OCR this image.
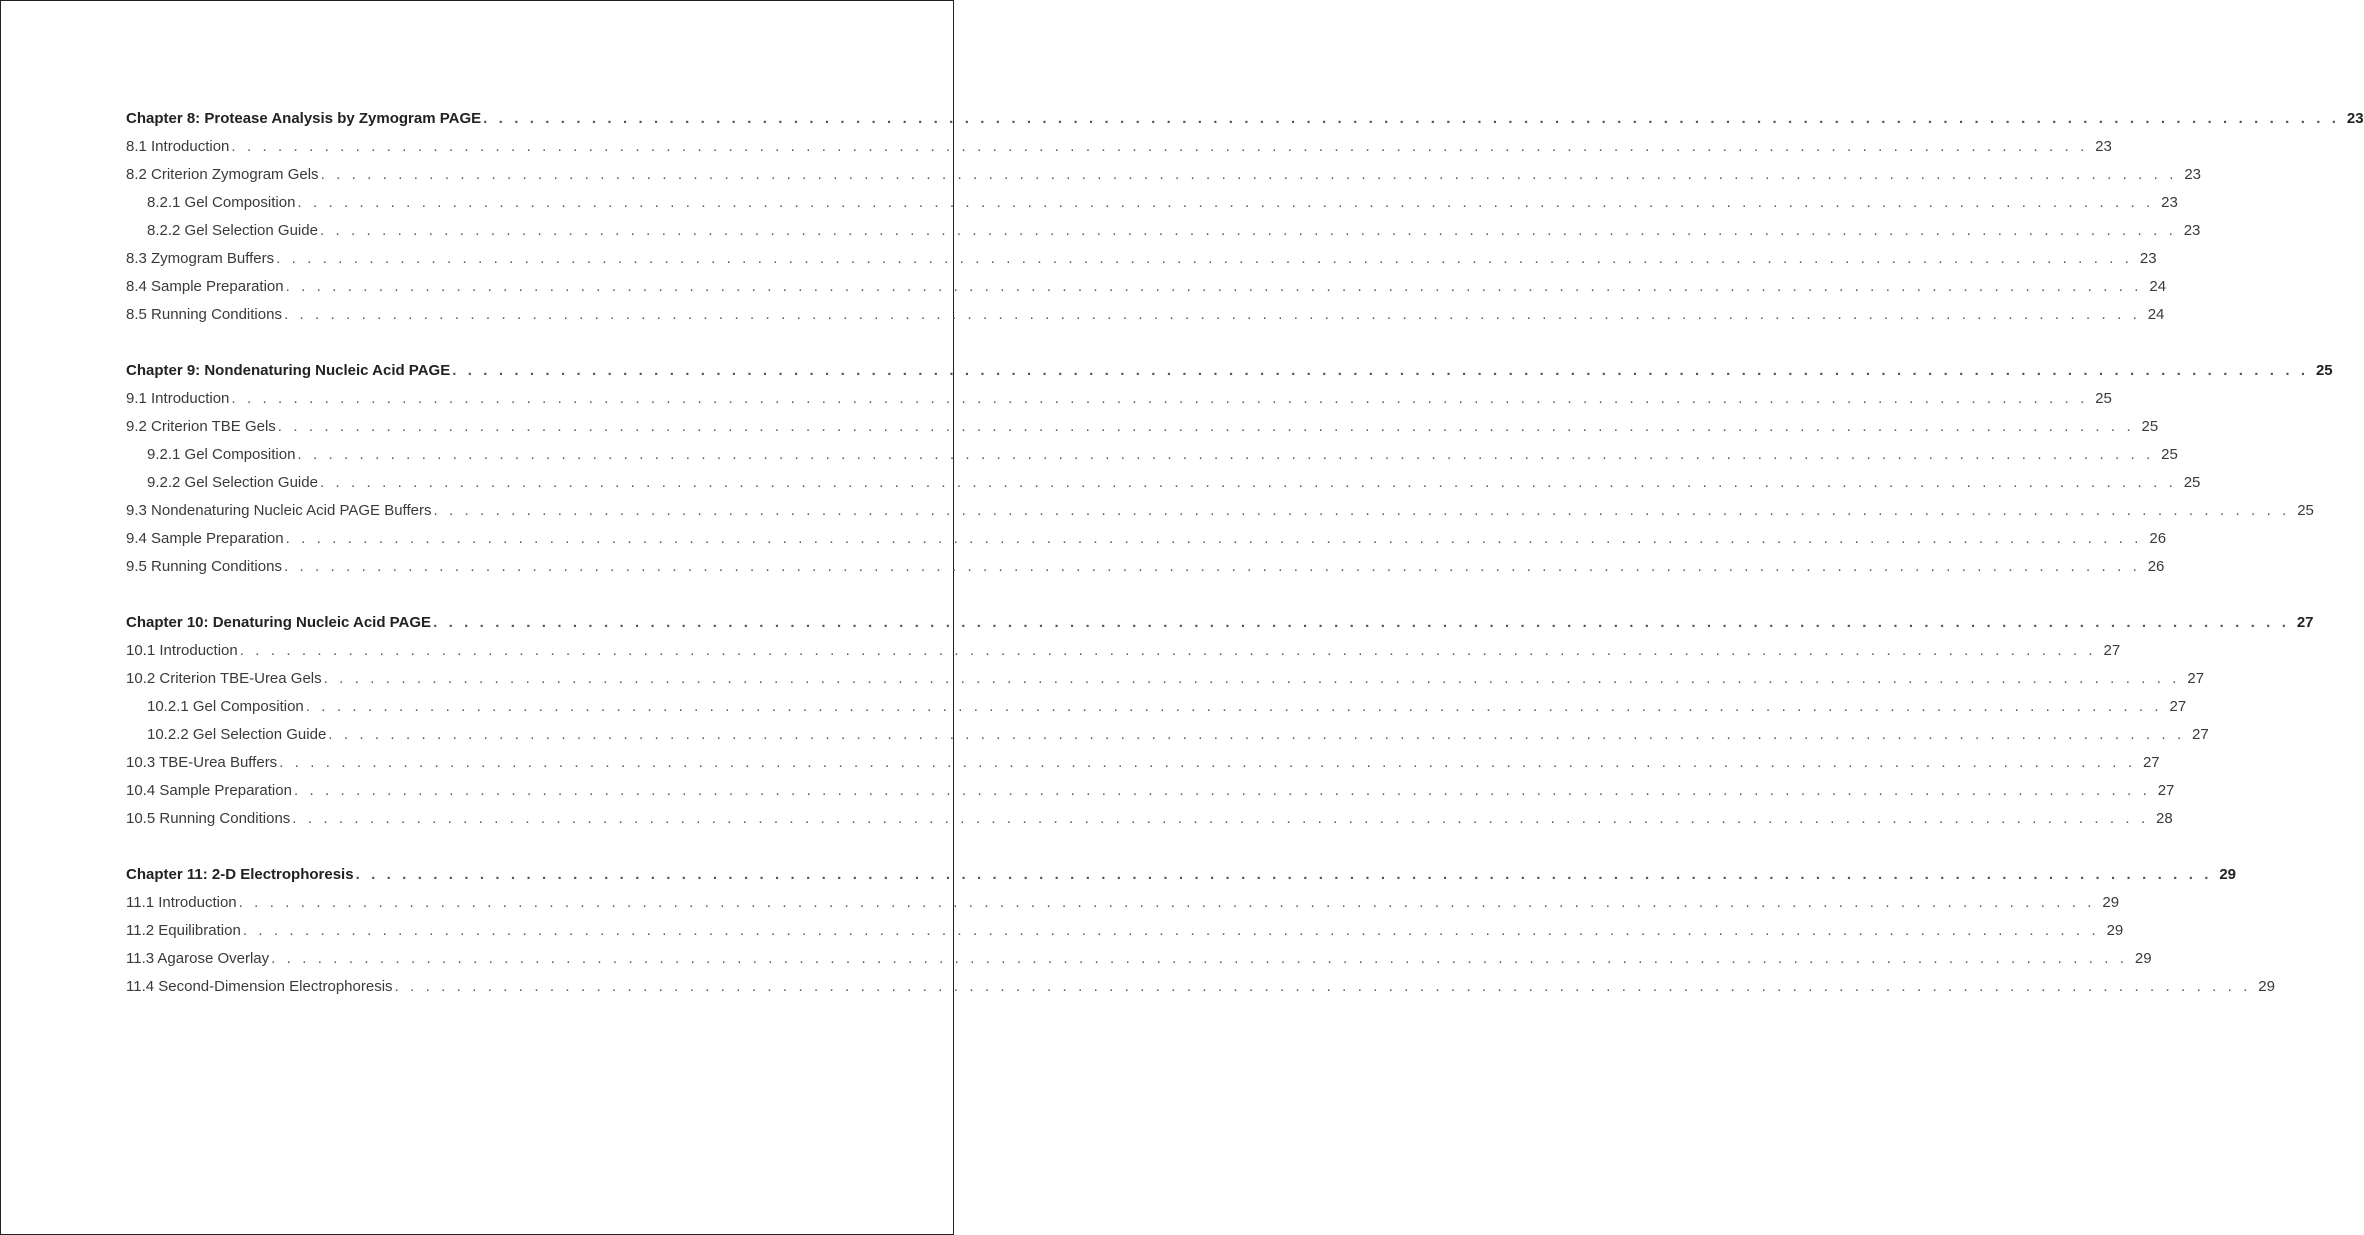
Chapter 8: Protease Analysis by Zymogram PAGE . . . . . . . . . . . . . . . . . . . . . . . . . . . . . . . . . . . . . . . . . . . . . . . . . . . . . . . . . . . . . . . . . . . . . . . . . . . . . . . . . . . . . . . . . . . . . . . . . . . . . . . . . . . . . . . . . . . . . . . . 23
8.1 Introduction . . . . . . . . . . . . . . . . . . . . . . . . . . . . . . . . . . . . . . . . . . . . . . . . . . . . . . . . . . . . . . . . . . . . . . . . . . . . . . . . . . . . . . . . . . . . . . . . . . . . . . . . . . . . . . . . . . . . . . . . 23
8.2 Criterion Zymogram Gels . . . . . . . . . . . . . . . . . . . . . . . . . . . . . . . . . . . . . . . . . . . . . . . . . . . . . . . . . . . . . . . . . . . . . . . . . . . . . . . . . . . . . . . . . . . . . . . . . . . . . . . . . . . . . . . . . . . . . . . . 23
8.2.1 Gel Composition . . . . . . . . . . . . . . . . . . . . . . . . . . . . . . . . . . . . . . . . . . . . . . . . . . . . . . . . . . . . . . . . . . . . . . . . . . . . . . . . . . . . . . . . . . . . . . . . . . . . . . . . . . . . . . . . . . . . . . . . 23
8.2.2 Gel Selection Guide . . . . . . . . . . . . . . . . . . . . . . . . . . . . . . . . . . . . . . . . . . . . . . . . . . . . . . . . . . . . . . . . . . . . . . . . . . . . . . . . . . . . . . . . . . . . . . . . . . . . . . . . . . . . . . . . . . . . . . . . 23
8.3 Zymogram Buffers . . . . . . . . . . . . . . . . . . . . . . . . . . . . . . . . . . . . . . . . . . . . . . . . . . . . . . . . . . . . . . . . . . . . . . . . . . . . . . . . . . . . . . . . . . . . . . . . . . . . . . . . . . . . . . . . . . . . . . . . 23
8.4 Sample Preparation . . . . . . . . . . . . . . . . . . . . . . . . . . . . . . . . . . . . . . . . . . . . . . . . . . . . . . . . . . . . . . . . . . . . . . . . . . . . . . . . . . . . . . . . . . . . . . . . . . . . . . . . . . . . . . . . . . . . . . . . 24
8.5 Running Conditions . . . . . . . . . . . . . . . . . . . . . . . . . . . . . . . . . . . . . . . . . . . . . . . . . . . . . . . . . . . . . . . . . . . . . . . . . . . . . . . . . . . . . . . . . . . . . . . . . . . . . . . . . . . . . . . . . . . . . . . . 24
Chapter 9: Nondenaturing Nucleic Acid PAGE . . . . . . . . . . . . . . . . . . . . . . . . . . . . . . . . . . . . . . . . . . . . . . . . . . . . . . . . . . . . . . . . . . . . . . . . . . . . . . . . . . . . . . . . . . . . . . . . . . . . . . . . . . . . . . . . . . . . . . . . 25
9.1 Introduction . . . . . . . . . . . . . . . . . . . . . . . . . . . . . . . . . . . . . . . . . . . . . . . . . . . . . . . . . . . . . . . . . . . . . . . . . . . . . . . . . . . . . . . . . . . . . . . . . . . . . . . . . . . . . . . . . . . . . . . . 25
9.2 Criterion TBE Gels . . . . . . . . . . . . . . . . . . . . . . . . . . . . . . . . . . . . . . . . . . . . . . . . . . . . . . . . . . . . . . . . . . . . . . . . . . . . . . . . . . . . . . . . . . . . . . . . . . . . . . . . . . . . . . . . . . . . . . . . 25
9.2.1 Gel Composition . . . . . . . . . . . . . . . . . . . . . . . . . . . . . . . . . . . . . . . . . . . . . . . . . . . . . . . . . . . . . . . . . . . . . . . . . . . . . . . . . . . . . . . . . . . . . . . . . . . . . . . . . . . . . . . . . . . . . . . . 25
9.2.2 Gel Selection Guide . . . . . . . . . . . . . . . . . . . . . . . . . . . . . . . . . . . . . . . . . . . . . . . . . . . . . . . . . . . . . . . . . . . . . . . . . . . . . . . . . . . . . . . . . . . . . . . . . . . . . . . . . . . . . . . . . . . . . . . . 25
9.3 Nondenaturing Nucleic Acid PAGE Buffers . . . . . . . . . . . . . . . . . . . . . . . . . . . . . . . . . . . . . . . . . . . . . . . . . . . . . . . . . . . . . . . . . . . . . . . . . . . . . . . . . . . . . . . . . . . . . . . . . . . . . . . . . . . . . . . . . . . . . . . . 25
9.4 Sample Preparation . . . . . . . . . . . . . . . . . . . . . . . . . . . . . . . . . . . . . . . . . . . . . . . . . . . . . . . . . . . . . . . . . . . . . . . . . . . . . . . . . . . . . . . . . . . . . . . . . . . . . . . . . . . . . . . . . . . . . . . . 26
9.5 Running Conditions . . . . . . . . . . . . . . . . . . . . . . . . . . . . . . . . . . . . . . . . . . . . . . . . . . . . . . . . . . . . . . . . . . . . . . . . . . . . . . . . . . . . . . . . . . . . . . . . . . . . . . . . . . . . . . . . . . . . . . . . 26
Chapter 10: Denaturing Nucleic Acid PAGE . . . . . . . . . . . . . . . . . . . . . . . . . . . . . . . . . . . . . . . . . . . . . . . . . . . . . . . . . . . . . . . . . . . . . . . . . . . . . . . . . . . . . . . . . . . . . . . . . . . . . . . . . . . . . . . . . . . . . . . . 27
10.1 Introduction . . . . . . . . . . . . . . . . . . . . . . . . . . . . . . . . . . . . . . . . . . . . . . . . . . . . . . . . . . . . . . . . . . . . . . . . . . . . . . . . . . . . . . . . . . . . . . . . . . . . . . . . . . . . . . . . . . . . . . . . 27
10.2 Criterion TBE-Urea Gels . . . . . . . . . . . . . . . . . . . . . . . . . . . . . . . . . . . . . . . . . . . . . . . . . . . . . . . . . . . . . . . . . . . . . . . . . . . . . . . . . . . . . . . . . . . . . . . . . . . . . . . . . . . . . . . . . . . . . . . . 27
10.2.1 Gel Composition . . . . . . . . . . . . . . . . . . . . . . . . . . . . . . . . . . . . . . . . . . . . . . . . . . . . . . . . . . . . . . . . . . . . . . . . . . . . . . . . . . . . . . . . . . . . . . . . . . . . . . . . . . . . . . . . . . . . . . . . 27
10.2.2 Gel Selection Guide . . . . . . . . . . . . . . . . . . . . . . . . . . . . . . . . . . . . . . . . . . . . . . . . . . . . . . . . . . . . . . . . . . . . . . . . . . . . . . . . . . . . . . . . . . . . . . . . . . . . . . . . . . . . . . . . . . . . . . . . 27
10.3 TBE-Urea Buffers . . . . . . . . . . . . . . . . . . . . . . . . . . . . . . . . . . . . . . . . . . . . . . . . . . . . . . . . . . . . . . . . . . . . . . . . . . . . . . . . . . . . . . . . . . . . . . . . . . . . . . . . . . . . . . . . . . . . . . . . 27
10.4 Sample Preparation . . . . . . . . . . . . . . . . . . . . . . . . . . . . . . . . . . . . . . . . . . . . . . . . . . . . . . . . . . . . . . . . . . . . . . . . . . . . . . . . . . . . . . . . . . . . . . . . . . . . . . . . . . . . . . . . . . . . . . . . 27
10.5 Running Conditions . . . . . . . . . . . . . . . . . . . . . . . . . . . . . . . . . . . . . . . . . . . . . . . . . . . . . . . . . . . . . . . . . . . . . . . . . . . . . . . . . . . . . . . . . . . . . . . . . . . . . . . . . . . . . . . . . . . . . . . . 28
Chapter 11: 2-D Electrophoresis . . . . . . . . . . . . . . . . . . . . . . . . . . . . . . . . . . . . . . . . . . . . . . . . . . . . . . . . . . . . . . . . . . . . . . . . . . . . . . . . . . . . . . . . . . . . . . . . . . . . . . . . . . . . . . . . . . . . . . . . 29
11.1 Introduction . . . . . . . . . . . . . . . . . . . . . . . . . . . . . . . . . . . . . . . . . . . . . . . . . . . . . . . . . . . . . . . . . . . . . . . . . . . . . . . . . . . . . . . . . . . . . . . . . . . . . . . . . . . . . . . . . . . . . . . . 29
11.2 Equilibration . . . . . . . . . . . . . . . . . . . . . . . . . . . . . . . . . . . . . . . . . . . . . . . . . . . . . . . . . . . . . . . . . . . . . . . . . . . . . . . . . . . . . . . . . . . . . . . . . . . . . . . . . . . . . . . . . . . . . . . . 29
11.3 Agarose Overlay . . . . . . . . . . . . . . . . . . . . . . . . . . . . . . . . . . . . . . . . . . . . . . . . . . . . . . . . . . . . . . . . . . . . . . . . . . . . . . . . . . . . . . . . . . . . . . . . . . . . . . . . . . . . . . . . . . . . . . . . 29
11.4 Second-Dimension Electrophoresis . . . . . . . . . . . . . . . . . . . . . . . . . . . . . . . . . . . . . . . . . . . . . . . . . . . . . . . . . . . . . . . . . . . . . . . . . . . . . . . . . . . . . . . . . . . . . . . . . . . . . . . . . . . . . . . . . . . . . . . . 29
